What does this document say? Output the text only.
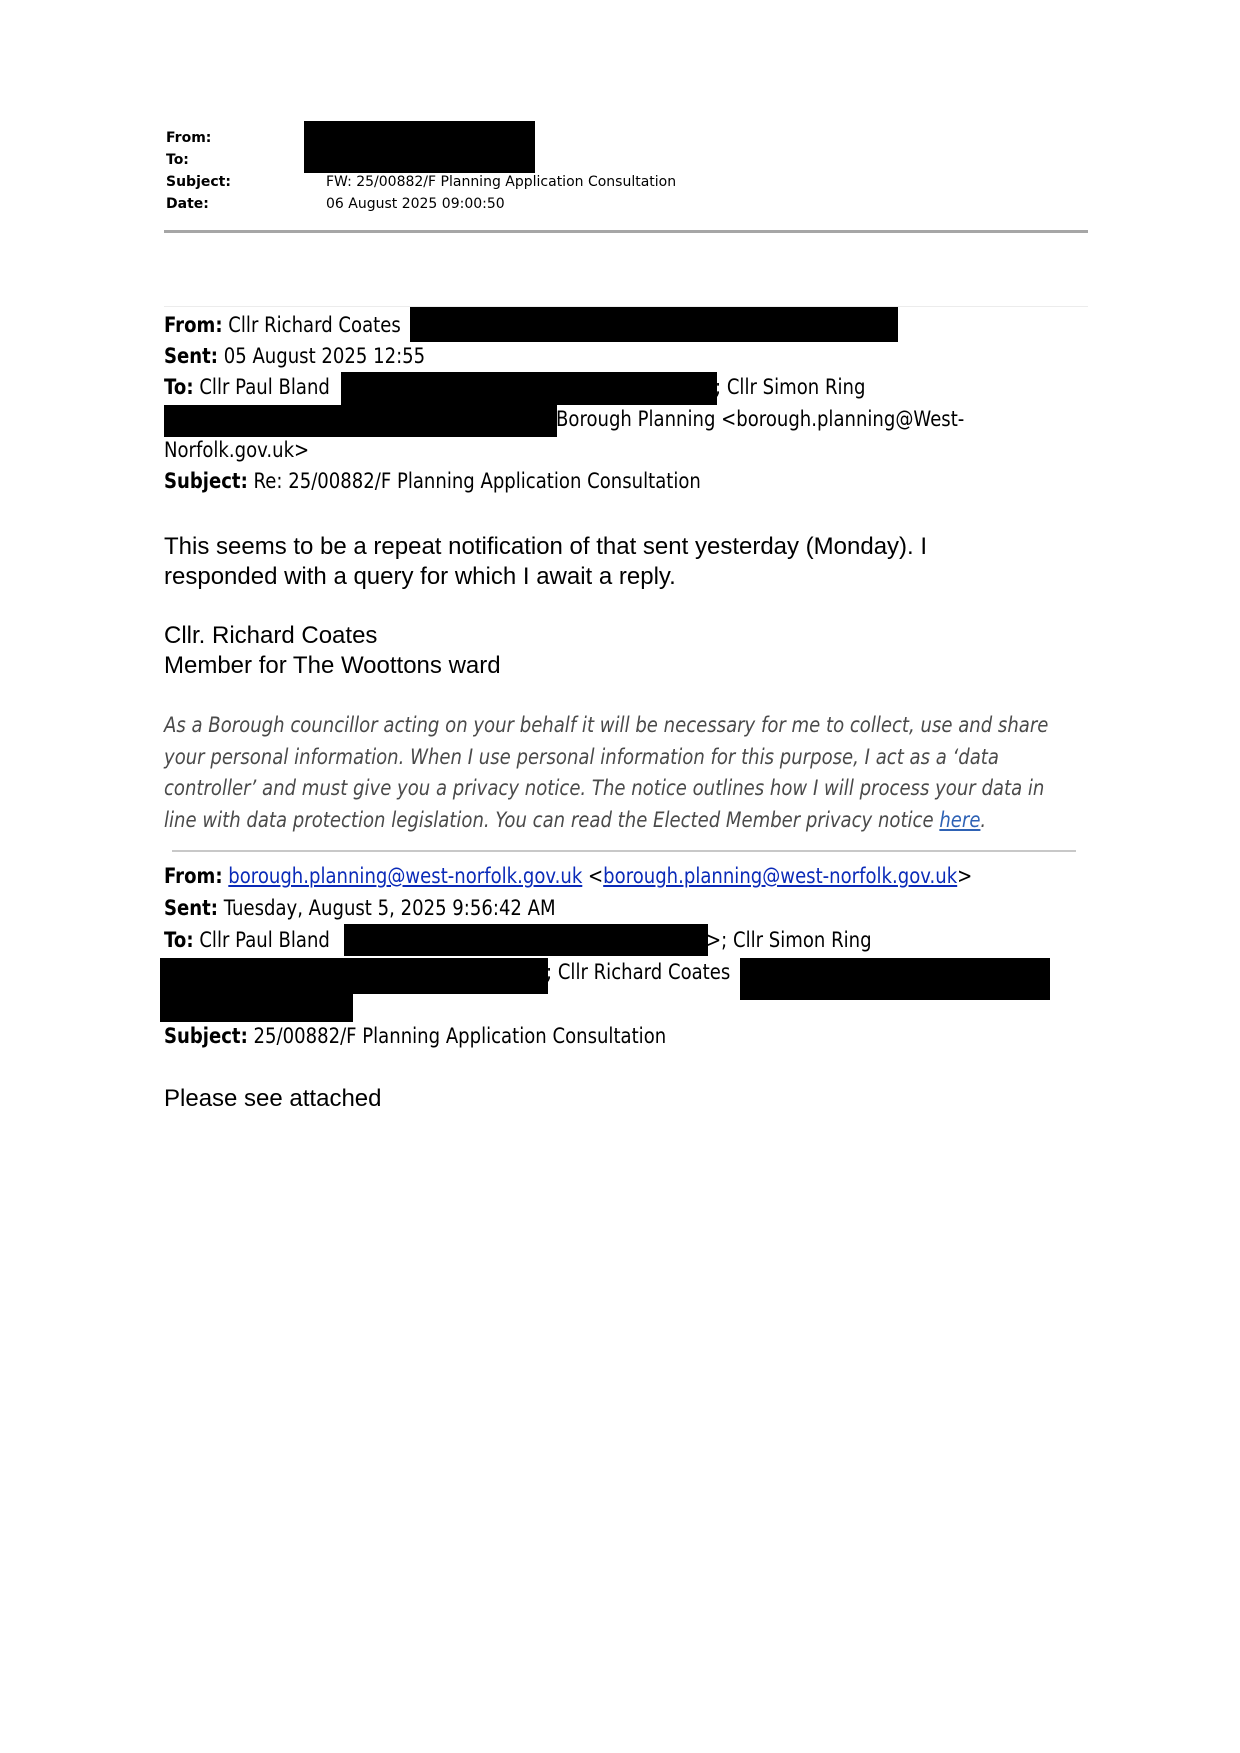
From:
To:
Subject:	FW: 25/00882/F Planning Application Consultation
Date:	06 August 2025 09:00:50
From: Cllr Richard Coates
Sent: 05 August 2025 12:55
To: Cllr Paul Bland	; Cllr Simon Ring
Borough Planning <borough.planning@West-
Norfolk.gov.uk>
Subject: Re: 25/00882/F Planning Application Consultation
This seems to be a repeat notification of that sent yesterday (Monday). I
responded with a query for which I await a reply.
Cllr. Richard Coates
Member for The Woottons ward

As a Borough councillor acting on your behalf it will be necessary for me to collect, use and share

your personal information. When I use personal information for this purpose, I act as a ‘data

controller’ and must give you a privacy notice. The notice outlines how I will process your data in

line with data protection legislation. You can read the Elected Member privacy notice here.

From: borough.planning@west-norfolk.gov.uk <borough.planning@west-norfolk.gov.uk>
Sent: Tuesday, August 5, 2025 9:56:42 AM
To: Cllr Paul Bland	>; Cllr Simon Ring
; Cllr Richard Coates
Subject: 25/00882/F Planning Application Consultation
Please see attached
